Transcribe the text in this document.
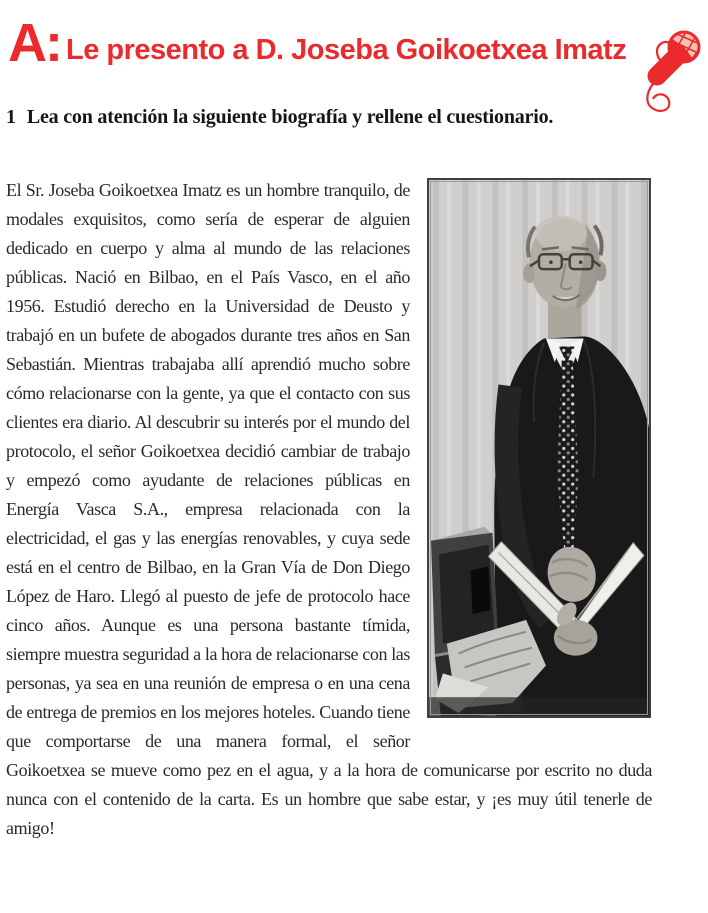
A: Le presento a D. Joseba Goikoetxea Imatz
1 Lea con atención la siguiente biografía y rellene el cuestionario.

El Sr. Joseba Goikoetxea Imatz es un hombre tranquilo, de modales exquisitos, como sería de esperar de alguien dedicado en cuerpo y alma al mundo de las relaciones públicas. Nació en Bilbao, en el País Vasco, en el año 1956. Estudió derecho en la Universidad de Deusto y trabajó en un bufete de abogados durante tres años en San Sebastián. Mientras trabajaba allí aprendió mucho sobre cómo relacionarse con la gente, ya que el contacto con sus clientes era diario. Al descubrir su interés por el mundo del protocolo, el señor Goikoetxea decidió cambiar de trabajo y empezó como ayudante de relaciones públicas en Energía Vasca S.A., empresa relacionada con la electricidad, el gas y las energías renovables, y cuya sede está en el centro de Bilbao, en la Gran Vía de Don Diego López de Haro. Llegó al puesto de jefe de protocolo hace cinco años. Aunque es una persona bastante tímida, siempre muestra seguridad a la hora de relacionarse con las personas, ya sea en una reunión de empresa o en una cena de entrega de premios en los mejores hoteles. Cuando tiene que comportarse de una manera formal, el señor Goikoetxea se mueve como pez en el agua, y a la hora de comunicarse por escrito no duda nunca con el contenido de la carta. Es un hombre que sabe estar, y ¡es muy útil tenerle de amigo!
